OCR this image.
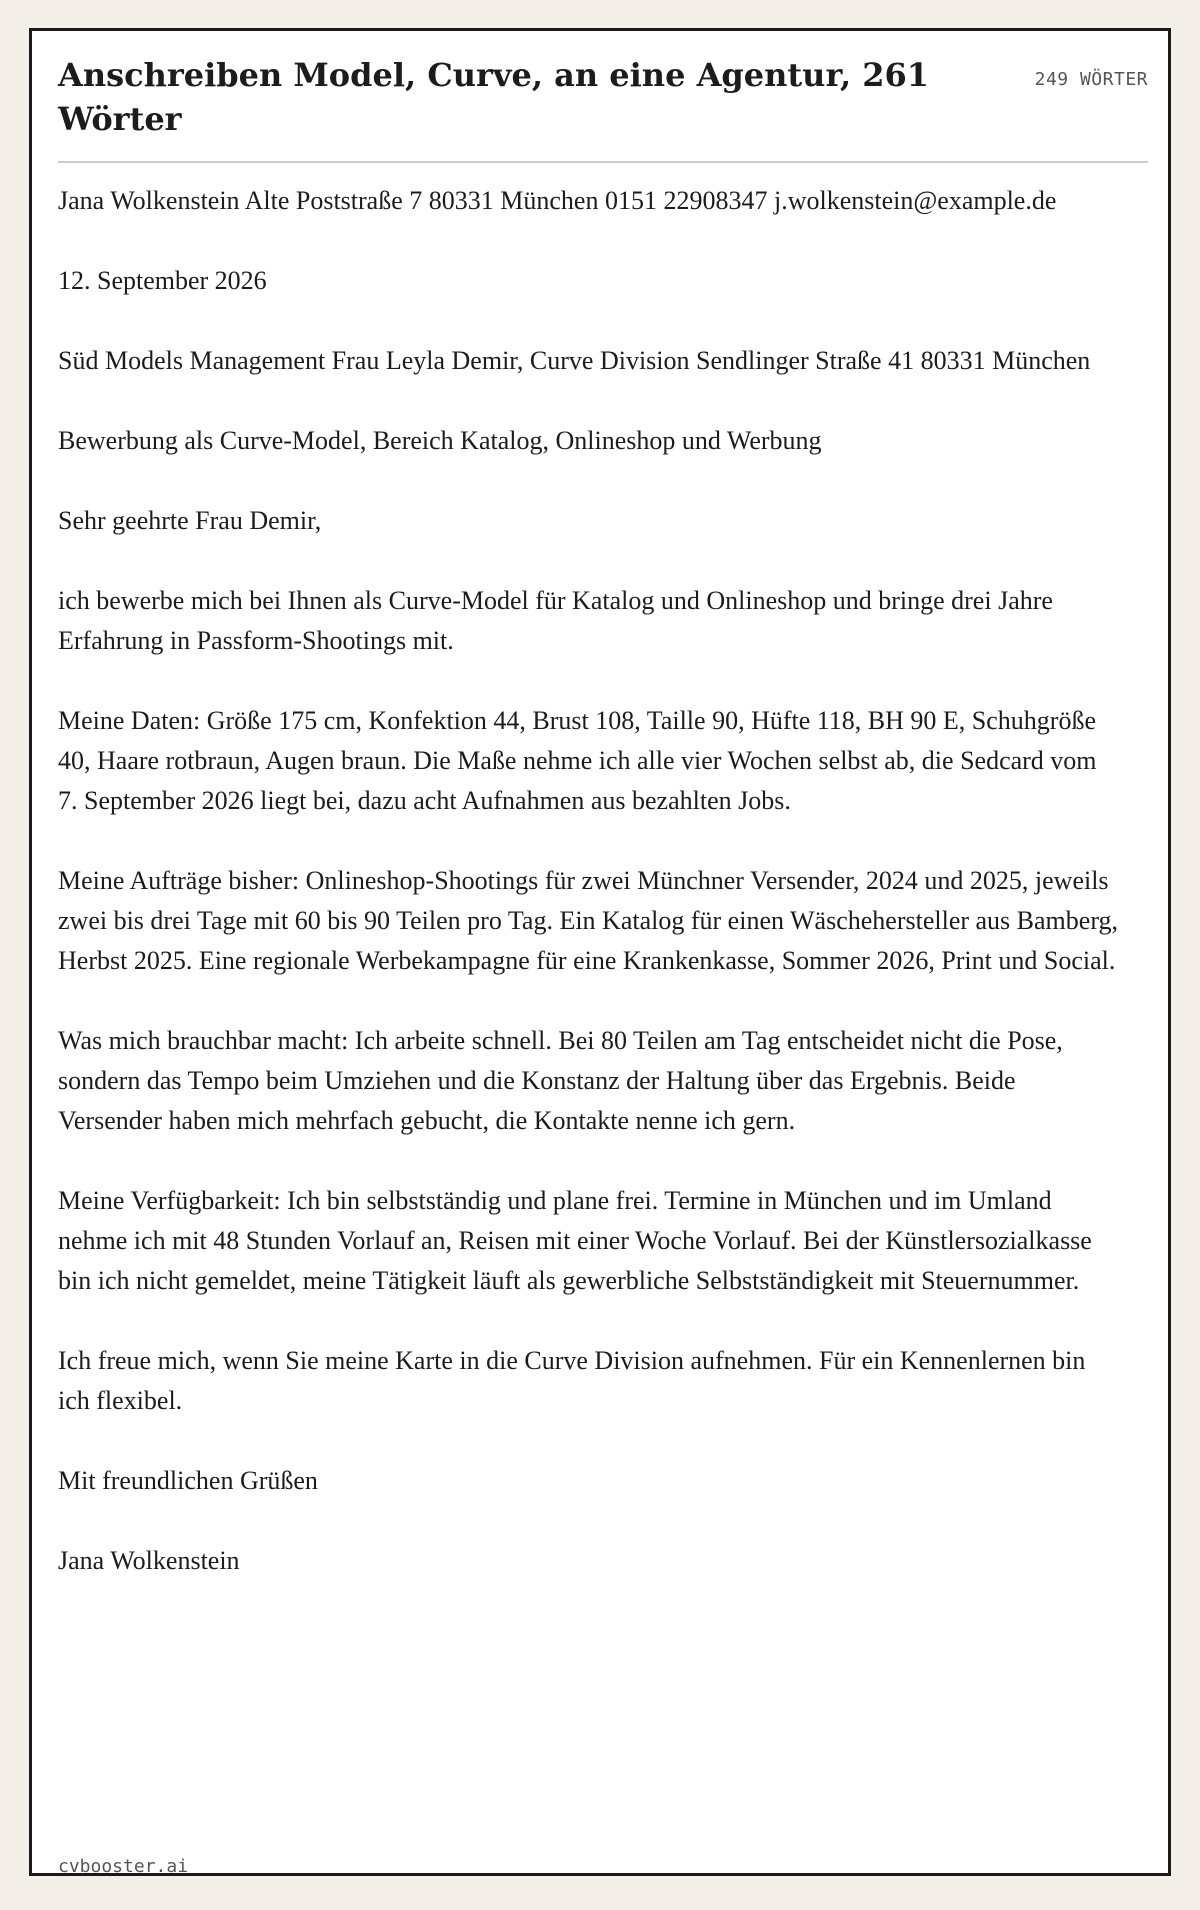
Anschreiben Model, Curve, an eine Agentur, 261 Wörter
249 WÖRTER

Jana Wolkenstein Alte Poststraße 7 80331 München 0151 22908347 j.wolkenstein@example.de

12. September 2026

Süd Models Management Frau Leyla Demir, Curve Division Sendlinger Straße 41 80331 München

Bewerbung als Curve-Model, Bereich Katalog, Onlineshop und Werbung

Sehr geehrte Frau Demir,

ich bewerbe mich bei Ihnen als Curve-Model für Katalog und Onlineshop und bringe drei Jahre Erfahrung in Passform-Shootings mit.

Meine Daten: Größe 175 cm, Konfektion 44, Brust 108, Taille 90, Hüfte 118, BH 90 E, Schuhgröße 40, Haare rotbraun, Augen braun. Die Maße nehme ich alle vier Wochen selbst ab, die Sedcard vom 7. September 2026 liegt bei, dazu acht Aufnahmen aus bezahlten Jobs.

Meine Aufträge bisher: Onlineshop-Shootings für zwei Münchner Versender, 2024 und 2025, jeweils zwei bis drei Tage mit 60 bis 90 Teilen pro Tag. Ein Katalog für einen Wäschehersteller aus Bamberg, Herbst 2025. Eine regionale Werbekampagne für eine Krankenkasse, Sommer 2026, Print und Social.

Was mich brauchbar macht: Ich arbeite schnell. Bei 80 Teilen am Tag entscheidet nicht die Pose, sondern das Tempo beim Umziehen und die Konstanz der Haltung über das Ergebnis. Beide Versender haben mich mehrfach gebucht, die Kontakte nenne ich gern.

Meine Verfügbarkeit: Ich bin selbstständig und plane frei. Termine in München und im Umland nehme ich mit 48 Stunden Vorlauf an, Reisen mit einer Woche Vorlauf. Bei der Künstlersozialkasse bin ich nicht gemeldet, meine Tätigkeit läuft als gewerbliche Selbstständigkeit mit Steuernummer.

Ich freue mich, wenn Sie meine Karte in die Curve Division aufnehmen. Für ein Kennenlernen bin ich flexibel.

Mit freundlichen Grüßen

Jana Wolkenstein

cvbooster.ai
